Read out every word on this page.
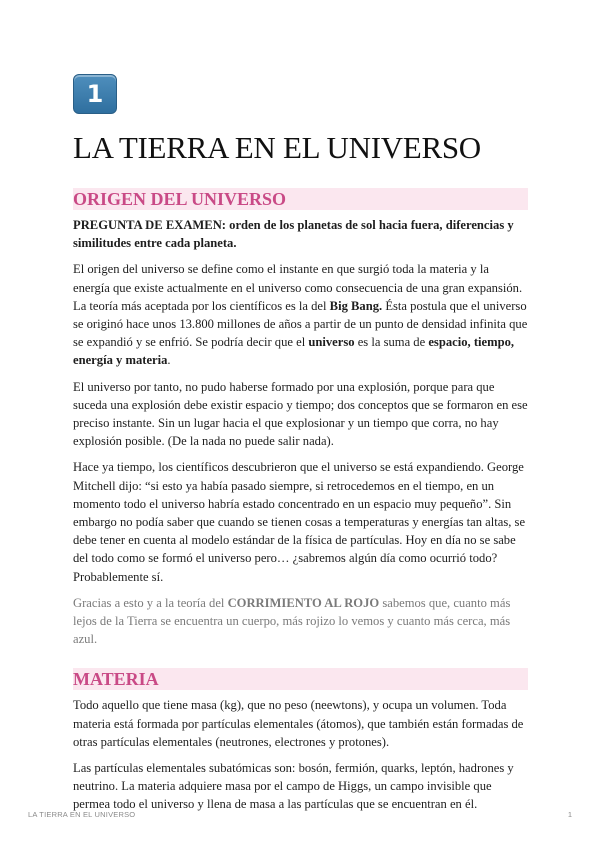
1
LA TIERRA EN EL UNIVERSO
ORIGEN DEL UNIVERSO

PREGUNTA DE EXAMEN: orden de los planetas de sol hacia fuera, diferencias y similitudes entre cada planeta.

El origen del universo se define como el instante en que surgió toda la materia y la energía que existe actualmente en el universo como consecuencia de una gran expansión. La teoría más aceptada por los científicos es la del Big Bang. Ésta postula que el universo se originó hace unos 13.800 millones de años a partir de un punto de densidad infinita que se expandió y se enfrió. Se podría decir que el universo es la suma de espacio, tiempo, energía y materia.

El universo por tanto, no pudo haberse formado por una explosión, porque para que suceda una explosión debe existir espacio y tiempo; dos conceptos que se formaron en ese preciso instante. Sin un lugar hacia el que explosionar y un tiempo que corra, no hay explosión posible. (De la nada no puede salir nada).

Hace ya tiempo, los científicos descubrieron que el universo se está expandiendo. George Mitchell dijo: “si esto ya había pasado siempre, si retrocedemos en el tiempo, en un momento todo el universo habría estado concentrado en un espacio muy pequeño”. Sin embargo no podía saber que cuando se tienen cosas a temperaturas y energías tan altas, se debe tener en cuenta al modelo estándar de la física de partículas. Hoy en día no se sabe del todo como se formó el universo pero… ¿sabremos algún día como ocurrió todo? Probablemente sí.

Gracias a esto y a la teoría del CORRIMIENTO AL ROJO sabemos que, cuanto más lejos de la Tierra se encuentra un cuerpo, más rojizo lo vemos y cuanto más cerca, más azul.

MATERIA

Todo aquello que tiene masa (kg), que no peso (neewtons), y ocupa un volumen. Toda materia está formada por partículas elementales (átomos), que también están formadas de otras partículas elementales (neutrones, electrones y protones).

Las partículas elementales subatómicas son: bosón, fermión, quarks, leptón, hadrones y neutrino. La materia adquiere masa por el campo de Higgs, un campo invisible que permea todo el universo y llena de masa a las partículas que se encuentran en él.

LA TIERRA EN EL UNIVERSO	1
